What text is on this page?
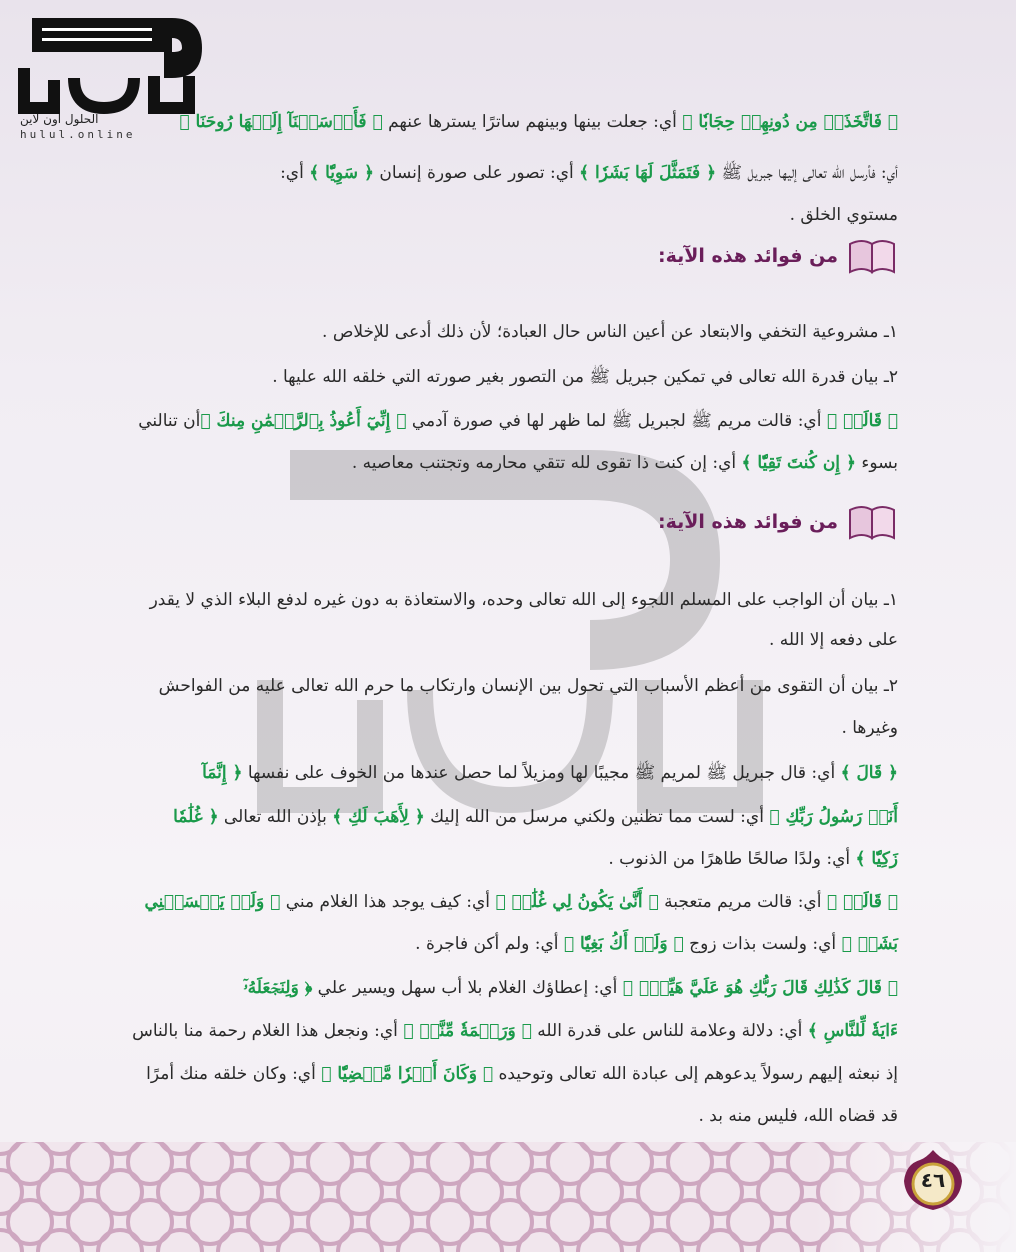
الحلول اون لاين
hulul.online
﴿ فَاتَّخَذَتۡ مِن دُونِهِمۡ حِجَابٗا ﴾ أي: جعلت بينها وبينهم ساترًا يسترها عنهم ﴿ فَأَرۡسَلۡنَآ إِلَيۡهَا رُوحَنَا ﴾
أي: فأرسل الله تعالى إليها جبريل ﷺ ﴿ فَتَمَثَّلَ لَهَا بَشَرٗا ﴾ أي: تصور على صورة إنسان ﴿ سَوِيّٗا ﴾ أي:
مستوي الخلق .
من فوائد هذه الآية:
١ـ مشروعية التخفي والابتعاد عن أعين الناس حال العبادة؛ لأن ذلك أدعى للإخلاص .
٢ـ بيان قدرة الله تعالى في تمكين جبريل ﷺ من التصور بغير صورته التي خلقه الله عليها .
﴿ قَالَتۡ ﴾ أي: قالت مريم ﷺ لجبريل ﷺ لما ظهر لها في صورة آدمي ﴿ إِنِّيٓ أَعُوذُ بِٱلرَّحۡمَٰنِ مِنكَ ﴾أن تنالني
بسوء ﴿ إِن كُنتَ تَقِيّٗا ﴾ أي: إن كنت ذا تقوى لله تتقي محارمه وتجتنب معاصيه .
من فوائد هذه الآية:
١ـ بيان أن الواجب على المسلم اللجوء إلى الله تعالى وحده، والاستعاذة به دون غيره لدفع البلاء الذي لا يقدر
على دفعه إلا الله .
٢ـ بيان أن التقوى من أعظم الأسباب التي تحول بين الإنسان وارتكاب ما حرم الله تعالى عليه من الفواحش
وغيرها .
﴿ قَالَ ﴾ أي: قال جبريل ﷺ لمريم ﷺ مجيبًا لها ومزيلاً لما حصل عندها من الخوف على نفسها ﴿ إِنَّمَآ
أَنَا۠ رَسُولُ رَبِّكِ ﴾ أي: لست مما تظنين ولكني مرسل من الله إليك ﴿ لِأَهَبَ لَكِ ﴾ بإذن الله تعالى ﴿ غُلَٰمٗا
زَكِيّٗا ﴾ أي: ولدًا صالحًا طاهرًا من الذنوب .
﴿ قَالَتۡ ﴾ أي: قالت مريم متعجبة ﴿ أَنَّىٰ يَكُونُ لِي غُلَٰمٞ ﴾ أي: كيف يوجد هذا الغلام مني ﴿ وَلَمۡ يَمۡسَسۡنِي
بَشَرٞ ﴾ أي: ولست بذات زوج ﴿ وَلَمۡ أَكُ بَغِيّٗا ﴾ أي: ولم أكن فاجرة .
﴿ قَالَ كَذَٰلِكِ قَالَ رَبُّكِ هُوَ عَلَيَّ هَيِّنٞۖ ﴾ أي: إعطاؤك الغلام بلا أب سهل ويسير علي ﴿ وَلِنَجۡعَلَهُۥٓ
ءَايَةٗ لِّلنَّاسِ ﴾ أي: دلالة وعلامة للناس على قدرة الله ﴿ وَرَحۡمَةٗ مِّنَّاۚ ﴾ أي: ونجعل هذا الغلام رحمة منا بالناس
إذ نبعثه إليهم رسولاً يدعوهم إلى عبادة الله تعالى وتوحيده ﴿ وَكَانَ أَمۡرٗا مَّقۡضِيّٗا ﴾ أي: وكان خلقه منك أمرًا
قد قضاه الله، فليس منه بد .
٤٦
